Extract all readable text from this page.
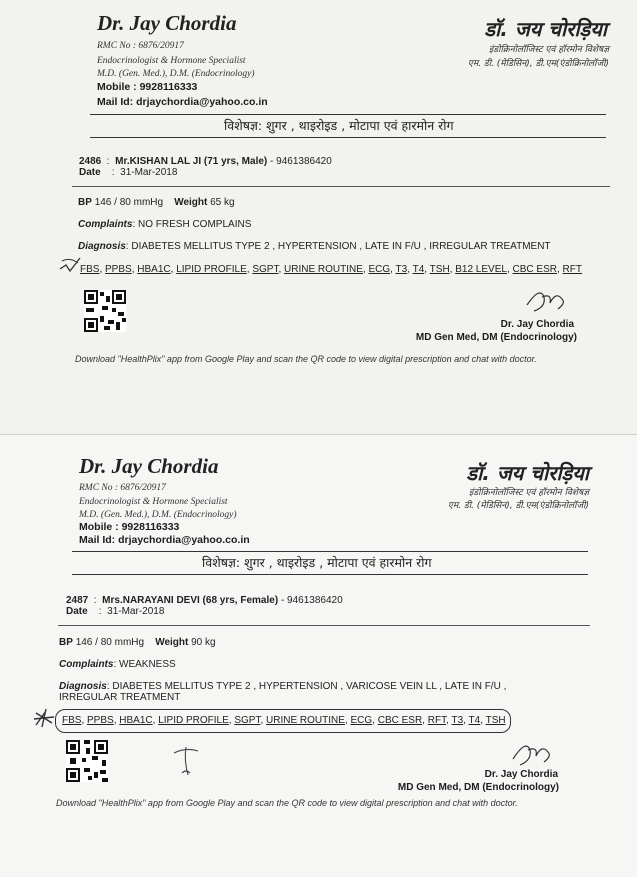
Dr. Jay Chordia
RMC No : 6876/20917
Endocrinologist & Hormone Specialist
M.D. (Gen. Med.), D.M. (Endocrinology)
Mobile : 9928116333
Mail Id: drjaychordia@yahoo.co.in
डॉ. जय चोरड़िया
इंडोक्रिनोलॉजिस्ट एवं हॉरमोन विशेषज्ञ
एम. डी. (मेडिसिन), डी.एम(एंडोक्रिनोलॉजी)
विशेषज्ञ: शुगर , थाइरोइड , मोटापा एवं हारमोन रोग
2486  :  Mr.KISHAN LAL JI (71 yrs, Male) - 9461386420
Date    :  31-Mar-2018
BP 146 / 80 mmHg Weight 65 kg
Complaints: NO FRESH COMPLAINS
Diagnosis: DIABETES MELLITUS TYPE 2 , HYPERTENSION , LATE IN F/U , IRREGULAR TREATMENT
FBS, PPBS, HBA1C, LIPID PROFILE, SGPT, URINE ROUTINE, ECG, T3, T4, TSH, B12 LEVEL, CBC ESR, RFT
Dr. Jay Chordia
MD Gen Med, DM (Endocrinology)
Download "HealthPlix" app from Google Play and scan the QR code to view digital prescription and chat with doctor.
Dr. Jay Chordia
RMC No : 6876/20917
Endocrinologist & Hormone Specialist
M.D. (Gen. Med.), D.M. (Endocrinology)
Mobile : 9928116333
Mail Id: drjaychordia@yahoo.co.in
डॉ. जय चोरड़िया
इंडोक्रिनोलॉजिस्ट एवं हॉरमोन विशेषज्ञ
एम. डी. (मेडिसिन), डी.एम(एंडोक्रिनोलॉजी)
विशेषज्ञ: शुगर , थाइरोइड , मोटापा एवं हारमोन रोग
2487  :  Mrs.NARAYANI DEVI (68 yrs, Female) - 9461386420
Date    :  31-Mar-2018
BP 146 / 80 mmHg Weight 90 kg
Complaints: WEAKNESS
Diagnosis: DIABETES MELLITUS TYPE 2 , HYPERTENSION , VARICOSE VEIN LL , LATE IN F/U , IRREGULAR TREATMENT
FBS, PPBS, HBA1C, LIPID PROFILE, SGPT, URINE ROUTINE, ECG, CBC ESR, RFT, T3, T4, TSH
Dr. Jay Chordia
MD Gen Med, DM (Endocrinology)
Download "HealthPlix" app from Google Play and scan the QR code to view digital prescription and chat with doctor.
